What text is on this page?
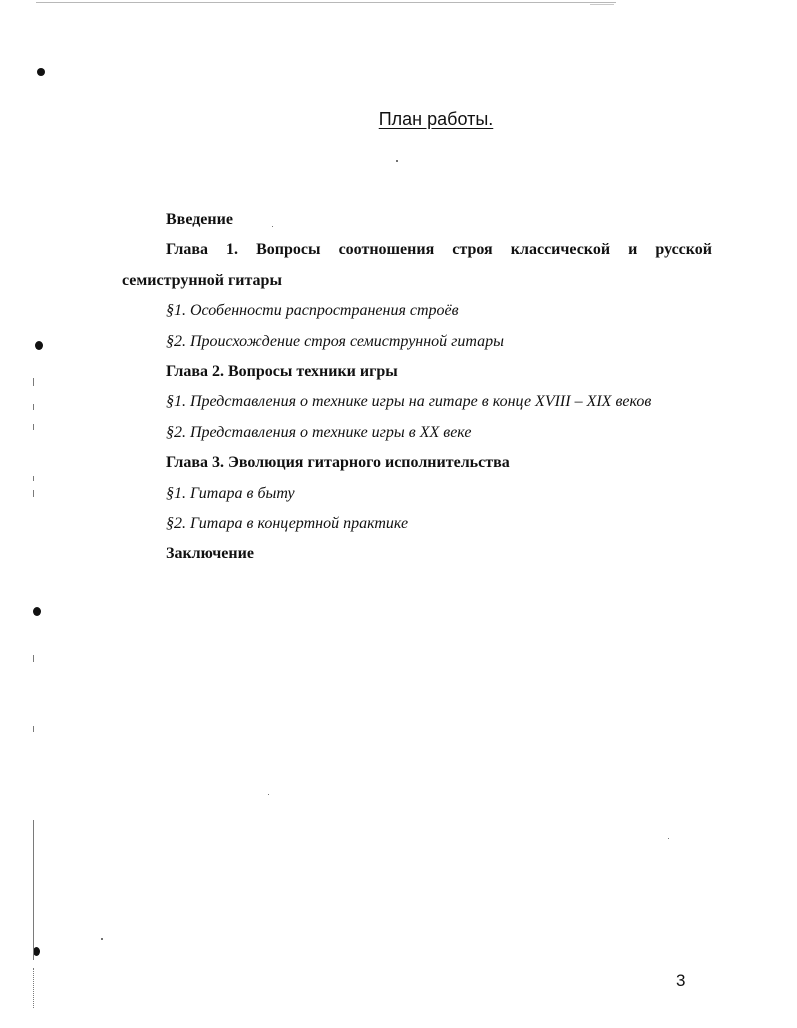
План работы.
Введение
Глава 1. Вопросы соотношения строя классической и русской семиструнной гитары
§1. Особенности распространения строёв
§2. Происхождение строя семиструнной гитары
Глава 2. Вопросы техники игры
§1. Представления о технике игры на гитаре в конце XVIII – XIX веков
§2. Представления о технике игры в XX веке
Глава 3. Эволюция гитарного исполнительства
§1. Гитара в быту
§2. Гитара в концертной практике
Заключение
3
